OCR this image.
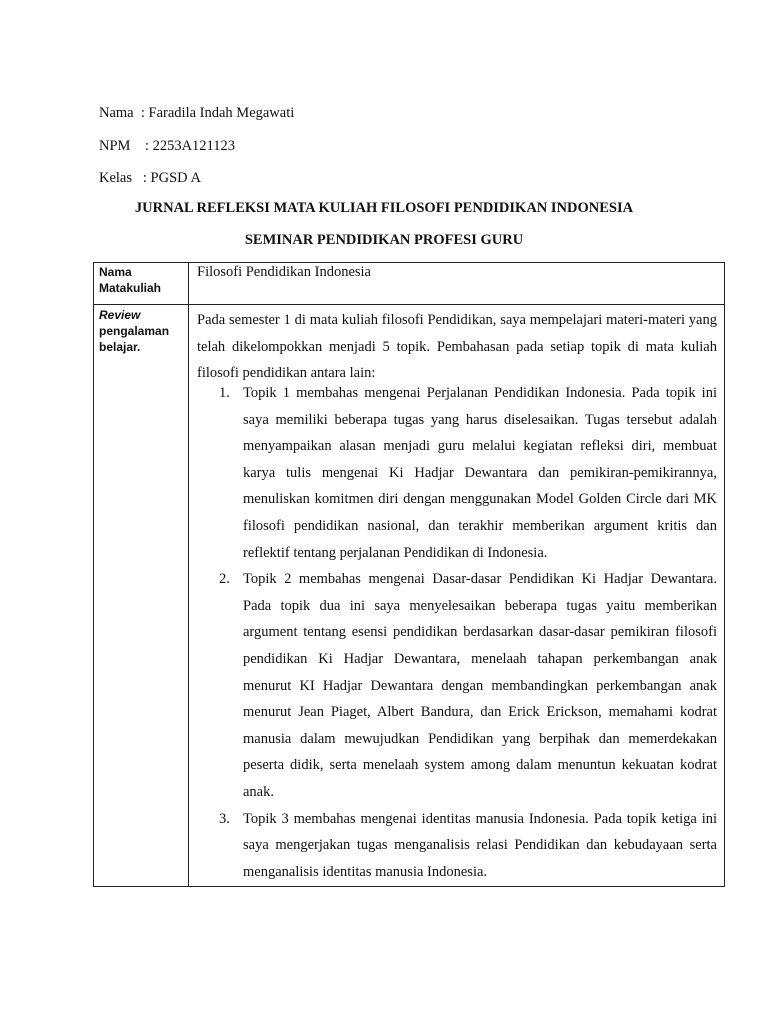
Nama  : Faradila Indah Megawati
NPM    : 2253A121123
Kelas   : PGSD A
JURNAL REFLEKSI MATA KULIAH FILOSOFI PENDIDIKAN INDONESIA
SEMINAR PENDIDIKAN PROFESI GURU
Nama
Matakuliah
Filosofi Pendidikan Indonesia
Review
pengalaman
belajar.
Pada semester 1 di mata kuliah filosofi Pendidikan, saya mempelajari materi-materi yang telah dikelompokkan menjadi 5 topik. Pembahasan pada setiap topik di mata kuliah filosofi pendidikan antara lain:
1. Topik 1 membahas mengenai Perjalanan Pendidikan Indonesia. Pada topik ini saya memiliki beberapa tugas yang harus diselesaikan. Tugas tersebut adalah menyampaikan alasan menjadi guru melalui kegiatan refleksi diri, membuat karya tulis mengenai Ki Hadjar Dewantara dan pemikiran-pemikirannya, menuliskan komitmen diri dengan menggunakan Model Golden Circle dari MK filosofi pendidikan nasional, dan terakhir memberikan argument kritis dan reflektif tentang perjalanan Pendidikan di Indonesia.
2. Topik 2 membahas mengenai Dasar-dasar Pendidikan Ki Hadjar Dewantara. Pada topik dua ini saya menyelesaikan beberapa tugas yaitu memberikan argument tentang esensi pendidikan berdasarkan dasar-dasar pemikiran filosofi pendidikan Ki Hadjar Dewantara, menelaah tahapan perkembangan anak menurut KI Hadjar Dewantara dengan membandingkan perkembangan anak menurut Jean Piaget, Albert Bandura, dan Erick Erickson, memahami kodrat manusia dalam mewujudkan Pendidikan yang berpihak dan memerdekakan peserta didik, serta menelaah system among dalam menuntun kekuatan kodrat anak.
3. Topik 3 membahas mengenai identitas manusia Indonesia. Pada topik ketiga ini saya mengerjakan tugas menganalisis relasi Pendidikan dan kebudayaan serta menganalisis identitas manusia Indonesia.
